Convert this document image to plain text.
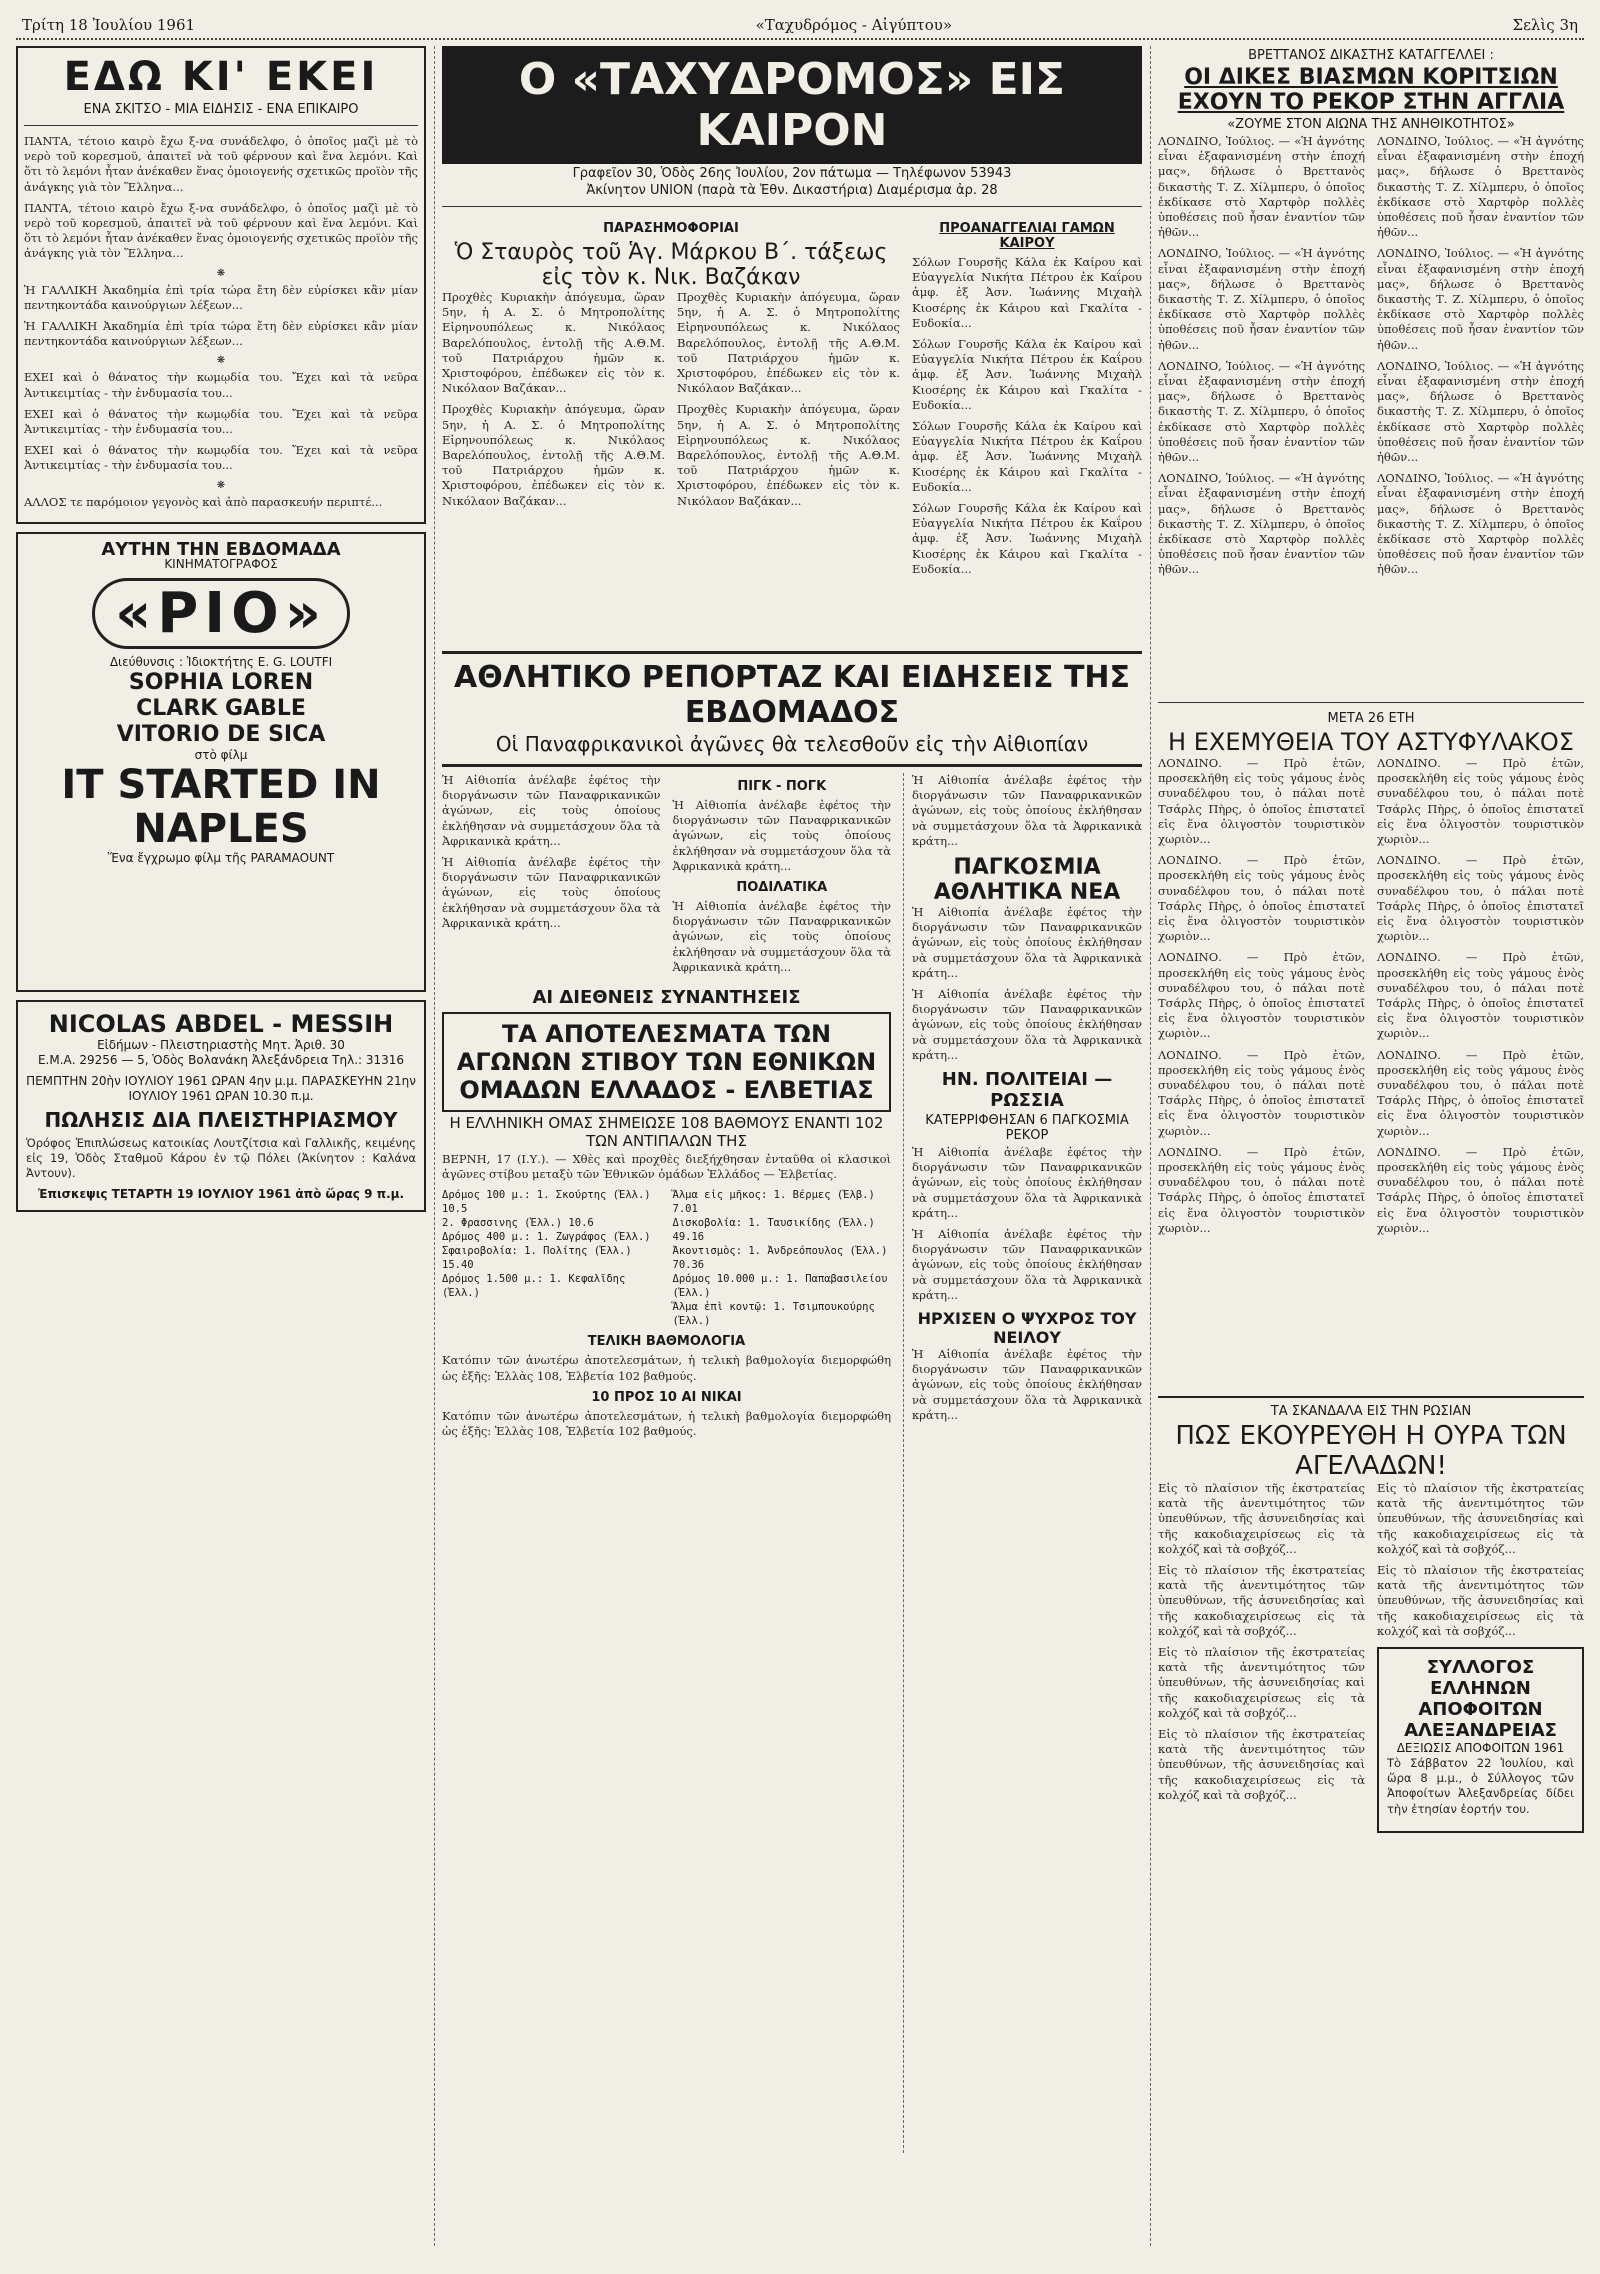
Τρίτη 18 Ἰουλίου 1961	«Ταχυδρόμος - Αἰγύπτου»	Σελὶς 3η
ΕΔΩ ΚΙ' ΕΚΕΙ
ΕΝΑ ΣΚΙΤΣΟ - ΜΙΑ ΕΙΔΗΣΙΣ - ΕΝΑ ΕΠΙΚΑΙΡΟ

ΠΑΝΤΑ, τέτοιο καιρὸ ἔχω ξ-να συνάδελφο, ὁ ὁποῖος μαζὶ μὲ τὸ νερὸ τοῦ κορεσμοῦ, ἀπαιτεῖ νὰ τοῦ φέρνουν καὶ ἕνα λεμόνι. Καὶ ὅτι τὸ λεμόνι ἦταν ἀνέκαθεν ἕνας ὁμοιογενής σχετικῶς προϊὸν τῆς ἀνάγκης γιὰ τὸν Ἕλληνα...

ΠΑΝΤΑ, τέτοιο καιρὸ ἔχω ξ-να συνάδελφο, ὁ ὁποῖος μαζὶ μὲ τὸ νερὸ τοῦ κορεσμοῦ, ἀπαιτεῖ νὰ τοῦ φέρνουν καὶ ἕνα λεμόνι. Καὶ ὅτι τὸ λεμόνι ἦταν ἀνέκαθεν ἕνας ὁμοιογενής σχετικῶς προϊὸν τῆς ἀνάγκης γιὰ τὸν Ἕλληνα...

❋

Ἡ ΓΑΛΛΙΚΗ Ἀκαδημία ἐπὶ τρία τώρα ἔτη δὲν εὐρίσκει κἂν μίαν πεντηκοντάδα καινούργιων λέξεων...

Ἡ ΓΑΛΛΙΚΗ Ἀκαδημία ἐπὶ τρία τώρα ἔτη δὲν εὐρίσκει κἂν μίαν πεντηκοντάδα καινούργιων λέξεων...

❋

ΕΧΕΙ καὶ ὁ θάνατος τὴν κωμῳδία του. Ἔχει καὶ τὰ νεῦρα Ἀντικειμτίας - τὴν ἐνδυμασία του...

ΕΧΕΙ καὶ ὁ θάνατος τὴν κωμῳδία του. Ἔχει καὶ τὰ νεῦρα Ἀντικειμτίας - τὴν ἐνδυμασία του...

ΕΧΕΙ καὶ ὁ θάνατος τὴν κωμῳδία του. Ἔχει καὶ τὰ νεῦρα Ἀντικειμτίας - τὴν ἐνδυμασία του...

❋

ΑΛΛΟΣ τε παρόμοιον γεγονὸς καὶ ἀπὸ παρασκευήν περιπτέ...

ΑΥΤΗΝ ΤΗΝ ΕΒΔΟΜΑΔΑ
ΚΙΝΗΜΑΤΟΓΡΑΦΟΣ
«ΡΙΟ»
Διεύθυνσις : Ἰδιοκτήτης E. G. LOUTFI
SOPHIA LOREN
CLARK GABLE
VITORIO DE SICA
στὸ φίλμ
IT STARTED IN NAPLES
Ἕνα ἔγχρωμο φίλμ τῆς PARAMAOUNT
NICOLAS ABDEL - MESSIH
Εἰδήμων - Πλειστηριαστὴς Μητ. Ἀριθ. 30
Ε.Μ.Α. 29256 — 5, Ὁδὸς Βολανάκη Ἀλεξάνδρεια Τηλ.: 31316
ΠΕΜΠΤΗΝ 20ὴν ΙΟΥΛΙΟΥ 1961 ΩΡΑΝ 4ην μ.μ. ΠΑΡΑΣΚΕΥΗΝ 21ην ΙΟΥΛΙΟΥ 1961 ΩΡΑΝ 10.30 π.μ.
ΠΩΛΗΣΙΣ ΔΙΑ ΠΛΕΙΣΤΗΡΙΑΣΜΟΥ

Ὁρόφος Ἐπιπλώσεως κατοικίας Λουτζίτσια καὶ Γαλλικῆς, κειμένης εἰς 19, Ὁδὸς Σταθμοῦ Κάρου ἐν τῷ Πόλει (Ἀκίνητον : Καλάνα Ἀντουν).

Ἐπισκεψις ΤΕΤΑΡΤΗ 19 ΙΟΥΛΙΟΥ 1961 ἀπὸ ὥρας 9 π.μ.
Ο «ΤΑΧΥΔΡΟΜΟΣ» ΕΙΣ ΚΑΙΡΟΝ
Γραφεῖον 30, Ὁδὸς 26ης Ἰουλίου, 2ον πάτωμα — Τηλέφωνον 53943
Ἀκίνητον UNION (παρὰ τὰ Ἐθν. Δικαστήρια) Διαμέρισμα ἀρ. 28
ΠΑΡΑΣΗΜΟΦΟΡΙΑΙ
Ὁ Σταυρὸς τοῦ Ἁγ. Μάρκου Β΄. τάξεως εἰς τὸν κ. Νικ. Βαζάκαν

Προχθὲς Κυριακὴν ἀπόγευμα, ὥραν 5ην, ἡ Α. Σ. ὁ Μητροπολίτης Εἰρηνουπόλεως κ. Νικόλαος Βαρελόπουλος, ἐντολῇ τῆς Α.Θ.Μ. τοῦ Πατριάρχου ἡμῶν κ. Χριστοφόρου, ἐπέδωκεν εἰς τὸν κ. Νικόλαον Βαζάκαν...

Προχθὲς Κυριακὴν ἀπόγευμα, ὥραν 5ην, ἡ Α. Σ. ὁ Μητροπολίτης Εἰρηνουπόλεως κ. Νικόλαος Βαρελόπουλος, ἐντολῇ τῆς Α.Θ.Μ. τοῦ Πατριάρχου ἡμῶν κ. Χριστοφόρου, ἐπέδωκεν εἰς τὸν κ. Νικόλαον Βαζάκαν...

Προχθὲς Κυριακὴν ἀπόγευμα, ὥραν 5ην, ἡ Α. Σ. ὁ Μητροπολίτης Εἰρηνουπόλεως κ. Νικόλαος Βαρελόπουλος, ἐντολῇ τῆς Α.Θ.Μ. τοῦ Πατριάρχου ἡμῶν κ. Χριστοφόρου, ἐπέδωκεν εἰς τὸν κ. Νικόλαον Βαζάκαν...

Προχθὲς Κυριακὴν ἀπόγευμα, ὥραν 5ην, ἡ Α. Σ. ὁ Μητροπολίτης Εἰρηνουπόλεως κ. Νικόλαος Βαρελόπουλος, ἐντολῇ τῆς Α.Θ.Μ. τοῦ Πατριάρχου ἡμῶν κ. Χριστοφόρου, ἐπέδωκεν εἰς τὸν κ. Νικόλαον Βαζάκαν...

ΠΡΟΑΝΑΓΓΕΛΙΑΙ ΓΑΜΩΝ ΚΑΙΡΟΥ

Σόλων Γουρσῆς Κάλα ἐκ Καίρου καὶ Εὐαγγελία Νικήτα Πέτρου ἐκ Καΐρου ἀμφ. ἐξ Ἀσν. Ἰωάννης Μιχαὴλ Κιοσέρης ἐκ Κάιρου καὶ Γκαλίτα - Ευδοκία...

Σόλων Γουρσῆς Κάλα ἐκ Καίρου καὶ Εὐαγγελία Νικήτα Πέτρου ἐκ Καΐρου ἀμφ. ἐξ Ἀσν. Ἰωάννης Μιχαὴλ Κιοσέρης ἐκ Κάιρου καὶ Γκαλίτα - Ευδοκία...

Σόλων Γουρσῆς Κάλα ἐκ Καίρου καὶ Εὐαγγελία Νικήτα Πέτρου ἐκ Καΐρου ἀμφ. ἐξ Ἀσν. Ἰωάννης Μιχαὴλ Κιοσέρης ἐκ Κάιρου καὶ Γκαλίτα - Ευδοκία...

Σόλων Γουρσῆς Κάλα ἐκ Καίρου καὶ Εὐαγγελία Νικήτα Πέτρου ἐκ Καΐρου ἀμφ. ἐξ Ἀσν. Ἰωάννης Μιχαὴλ Κιοσέρης ἐκ Κάιρου καὶ Γκαλίτα - Ευδοκία...

ΑΘΛΗΤΙΚΟ ΡΕΠΟΡΤΑΖ ΚΑΙ ΕΙΔΗΣΕΙΣ ΤΗΣ ΕΒΔΟΜΑΔΟΣ
Οἱ Παναφρικανικοὶ ἀγῶνες θὰ τελεσθοῦν εἰς τὴν Αἰθιοπίαν

Ἡ Αἰθιοπία ἀνέλαβε ἐφέτος τὴν διοργάνωσιν τῶν Παναφρικανικῶν ἀγώνων, εἰς τοὺς ὁποίους ἐκλήθησαν νὰ συμμετάσχουν ὅλα τὰ Ἀφρικανικὰ κράτη...

Ἡ Αἰθιοπία ἀνέλαβε ἐφέτος τὴν διοργάνωσιν τῶν Παναφρικανικῶν ἀγώνων, εἰς τοὺς ὁποίους ἐκλήθησαν νὰ συμμετάσχουν ὅλα τὰ Ἀφρικανικὰ κράτη...

ΠΙΓΚ - ΠΟΓΚ

Ἡ Αἰθιοπία ἀνέλαβε ἐφέτος τὴν διοργάνωσιν τῶν Παναφρικανικῶν ἀγώνων, εἰς τοὺς ὁποίους ἐκλήθησαν νὰ συμμετάσχουν ὅλα τὰ Ἀφρικανικὰ κράτη...

ΠΟΔΙΛΑΤΙΚΑ

Ἡ Αἰθιοπία ἀνέλαβε ἐφέτος τὴν διοργάνωσιν τῶν Παναφρικανικῶν ἀγώνων, εἰς τοὺς ὁποίους ἐκλήθησαν νὰ συμμετάσχουν ὅλα τὰ Ἀφρικανικὰ κράτη...

ΑΙ ΔΙΕΘΝΕΙΣ ΣΥΝΑΝΤΗΣΕΙΣ
ΤΑ ΑΠΟΤΕΛΕΣΜΑΤΑ ΤΩΝ ΑΓΩΝΩΝ ΣΤΙΒΟΥ ΤΩΝ ΕΘΝΙΚΩΝ ΟΜΑΔΩΝ ΕΛΛΑΔΟΣ - ΕΛΒΕΤΙΑΣ
Η ΕΛΛΗΝΙΚΗ ΟΜΑΣ ΣΗΜΕΙΩΣΕ 108 ΒΑΘΜΟΥΣ ΕΝΑΝΤΙ 102 ΤΩΝ ΑΝΤΙΠΑΛΩΝ ΤΗΣ

ΒΕΡΝΗ, 17 (Ι.Υ.). — Χθὲς καὶ προχθὲς διεξήχθησαν ἐνταῦθα οἱ κλασικοὶ ἀγῶνες στίβου μεταξὺ τῶν Ἐθνικῶν ὁμάδων Ἑλλάδος — Ἑλβετίας.

Δρόμος 100 μ.: 1. Σκούρτης (Ἑλλ.) 10.5
2. Φρασσινης (Ἑλλ.) 10.6
Δρόμος 400 μ.: 1. Ζωγράφος (Ἑλλ.)
Σφαιροβολία: 1. Πολίτης (Ἑλλ.) 15.40
Δρόμος 1.500 μ.: 1. Κεφαλῖδης (Ἑλλ.)
Ἅλμα εἰς μῆκος: 1. Βέρμες (Ἑλβ.) 7.01
Δισκοβολία: 1. Ταυσικίδης (Ἑλλ.) 49.16
Ἀκοντισμὸς: 1. Ἀνδρεόπουλος (Ἑλλ.) 70.36
Δρόμος 10.000 μ.: 1. Παπαβασιλείου (Ἑλλ.)
Ἅλμα ἐπὶ κοντῷ: 1. Τσιμπουκούρης (Ἑλλ.)
ΤΕΛΙΚΗ ΒΑΘΜΟΛΟΓΙΑ

Κατόπιν τῶν ἀνωτέρω ἀποτελεσμάτων, ἡ τελικὴ βαθμολογία διεμορφώθη ὡς ἑξῆς: Ἑλλὰς 108, Ἑλβετία 102 βαθμούς.

10 ΠΡΟΣ 10 ΑΙ ΝΙΚΑΙ

Κατόπιν τῶν ἀνωτέρω ἀποτελεσμάτων, ἡ τελικὴ βαθμολογία διεμορφώθη ὡς ἑξῆς: Ἑλλὰς 108, Ἑλβετία 102 βαθμούς.

Ἡ Αἰθιοπία ἀνέλαβε ἐφέτος τὴν διοργάνωσιν τῶν Παναφρικανικῶν ἀγώνων, εἰς τοὺς ὁποίους ἐκλήθησαν νὰ συμμετάσχουν ὅλα τὰ Ἀφρικανικὰ κράτη...

ΠΑΓΚΟΣΜΙΑ ΑΘΛΗΤΙΚΑ ΝΕΑ

Ἡ Αἰθιοπία ἀνέλαβε ἐφέτος τὴν διοργάνωσιν τῶν Παναφρικανικῶν ἀγώνων, εἰς τοὺς ὁποίους ἐκλήθησαν νὰ συμμετάσχουν ὅλα τὰ Ἀφρικανικὰ κράτη...

Ἡ Αἰθιοπία ἀνέλαβε ἐφέτος τὴν διοργάνωσιν τῶν Παναφρικανικῶν ἀγώνων, εἰς τοὺς ὁποίους ἐκλήθησαν νὰ συμμετάσχουν ὅλα τὰ Ἀφρικανικὰ κράτη...

ΗΝ. ΠΟΛΙΤΕΙΑΙ — ΡΩΣΣΙΑ
ΚΑΤΕΡΡΙΦΘΗΣΑΝ 6 ΠΑΓΚΟΣΜΙΑ ΡΕΚΟΡ

Ἡ Αἰθιοπία ἀνέλαβε ἐφέτος τὴν διοργάνωσιν τῶν Παναφρικανικῶν ἀγώνων, εἰς τοὺς ὁποίους ἐκλήθησαν νὰ συμμετάσχουν ὅλα τὰ Ἀφρικανικὰ κράτη...

Ἡ Αἰθιοπία ἀνέλαβε ἐφέτος τὴν διοργάνωσιν τῶν Παναφρικανικῶν ἀγώνων, εἰς τοὺς ὁποίους ἐκλήθησαν νὰ συμμετάσχουν ὅλα τὰ Ἀφρικανικὰ κράτη...

ΗΡΧΙΣΕΝ Ο ΨΥΧΡΟΣ ΤΟΥ ΝΕΙΛΟΥ

Ἡ Αἰθιοπία ἀνέλαβε ἐφέτος τὴν διοργάνωσιν τῶν Παναφρικανικῶν ἀγώνων, εἰς τοὺς ὁποίους ἐκλήθησαν νὰ συμμετάσχουν ὅλα τὰ Ἀφρικανικὰ κράτη...

ΒΡΕΤΤΑΝΟΣ ΔΙΚΑΣΤΗΣ ΚΑΤΑΓΓΕΛΛΕΙ :
ΟΙ ΔΙΚΕΣ ΒΙΑΣΜΩΝ ΚΟΡΙΤΣΙΩΝ ΕΧΟΥΝ ΤΟ ΡΕΚΟΡ ΣΤΗΝ ΑΓΓΛΙΑ
«ΖΟΥΜΕ ΣΤΟΝ ΑΙΩΝΑ ΤΗΣ ΑΝΗΘΙΚΟΤΗΤΟΣ»

ΛΟΝΔΙΝΟ, Ἰούλιος. — «Ἡ ἀγνότης εἶναι ἐξαφανισμένη στὴν ἐποχή μας», δήλωσε ὁ Βρεττανὸς δικαστὴς Τ. Ζ. Χίλμπερυ, ὁ ὁποῖος ἐκδίκασε στὸ Χαρτφὸρ πολλὲς ὑποθέσεις ποῦ ἦσαν ἐναντίον τῶν ἠθῶν...

ΛΟΝΔΙΝΟ, Ἰούλιος. — «Ἡ ἀγνότης εἶναι ἐξαφανισμένη στὴν ἐποχή μας», δήλωσε ὁ Βρεττανὸς δικαστὴς Τ. Ζ. Χίλμπερυ, ὁ ὁποῖος ἐκδίκασε στὸ Χαρτφὸρ πολλὲς ὑποθέσεις ποῦ ἦσαν ἐναντίον τῶν ἠθῶν...

ΛΟΝΔΙΝΟ, Ἰούλιος. — «Ἡ ἀγνότης εἶναι ἐξαφανισμένη στὴν ἐποχή μας», δήλωσε ὁ Βρεττανὸς δικαστὴς Τ. Ζ. Χίλμπερυ, ὁ ὁποῖος ἐκδίκασε στὸ Χαρτφὸρ πολλὲς ὑποθέσεις ποῦ ἦσαν ἐναντίον τῶν ἠθῶν...

ΛΟΝΔΙΝΟ, Ἰούλιος. — «Ἡ ἀγνότης εἶναι ἐξαφανισμένη στὴν ἐποχή μας», δήλωσε ὁ Βρεττανὸς δικαστὴς Τ. Ζ. Χίλμπερυ, ὁ ὁποῖος ἐκδίκασε στὸ Χαρτφὸρ πολλὲς ὑποθέσεις ποῦ ἦσαν ἐναντίον τῶν ἠθῶν...

ΛΟΝΔΙΝΟ, Ἰούλιος. — «Ἡ ἀγνότης εἶναι ἐξαφανισμένη στὴν ἐποχή μας», δήλωσε ὁ Βρεττανὸς δικαστὴς Τ. Ζ. Χίλμπερυ, ὁ ὁποῖος ἐκδίκασε στὸ Χαρτφὸρ πολλὲς ὑποθέσεις ποῦ ἦσαν ἐναντίον τῶν ἠθῶν...

ΛΟΝΔΙΝΟ, Ἰούλιος. — «Ἡ ἀγνότης εἶναι ἐξαφανισμένη στὴν ἐποχή μας», δήλωσε ὁ Βρεττανὸς δικαστὴς Τ. Ζ. Χίλμπερυ, ὁ ὁποῖος ἐκδίκασε στὸ Χαρτφὸρ πολλὲς ὑποθέσεις ποῦ ἦσαν ἐναντίον τῶν ἠθῶν...

ΛΟΝΔΙΝΟ, Ἰούλιος. — «Ἡ ἀγνότης εἶναι ἐξαφανισμένη στὴν ἐποχή μας», δήλωσε ὁ Βρεττανὸς δικαστὴς Τ. Ζ. Χίλμπερυ, ὁ ὁποῖος ἐκδίκασε στὸ Χαρτφὸρ πολλὲς ὑποθέσεις ποῦ ἦσαν ἐναντίον τῶν ἠθῶν...

ΛΟΝΔΙΝΟ, Ἰούλιος. — «Ἡ ἀγνότης εἶναι ἐξαφανισμένη στὴν ἐποχή μας», δήλωσε ὁ Βρεττανὸς δικαστὴς Τ. Ζ. Χίλμπερυ, ὁ ὁποῖος ἐκδίκασε στὸ Χαρτφὸρ πολλὲς ὑποθέσεις ποῦ ἦσαν ἐναντίον τῶν ἠθῶν...

ΜΕΤΑ 26 ΕΤΗ
Η ΕΧΕΜΥΘΕΙΑ ΤΟΥ ΑΣΤΥΦΥΛΑΚΟΣ

ΛΟΝΔΙΝΟ. — Πρὸ ἐτῶν, προσεκλήθη εἰς τοὺς γάμους ἑνὸς συναδέλφου του, ὁ πάλαι ποτὲ Τσάρλς Πὴρς, ὁ ὁποῖος ἐπιστατεῖ εἰς ἕνα ὀλιγοστὸν τουριστικὸν χωριὸν...

ΛΟΝΔΙΝΟ. — Πρὸ ἐτῶν, προσεκλήθη εἰς τοὺς γάμους ἑνὸς συναδέλφου του, ὁ πάλαι ποτὲ Τσάρλς Πὴρς, ὁ ὁποῖος ἐπιστατεῖ εἰς ἕνα ὀλιγοστὸν τουριστικὸν χωριὸν...

ΛΟΝΔΙΝΟ. — Πρὸ ἐτῶν, προσεκλήθη εἰς τοὺς γάμους ἑνὸς συναδέλφου του, ὁ πάλαι ποτὲ Τσάρλς Πὴρς, ὁ ὁποῖος ἐπιστατεῖ εἰς ἕνα ὀλιγοστὸν τουριστικὸν χωριὸν...

ΛΟΝΔΙΝΟ. — Πρὸ ἐτῶν, προσεκλήθη εἰς τοὺς γάμους ἑνὸς συναδέλφου του, ὁ πάλαι ποτὲ Τσάρλς Πὴρς, ὁ ὁποῖος ἐπιστατεῖ εἰς ἕνα ὀλιγοστὸν τουριστικὸν χωριὸν...

ΛΟΝΔΙΝΟ. — Πρὸ ἐτῶν, προσεκλήθη εἰς τοὺς γάμους ἑνὸς συναδέλφου του, ὁ πάλαι ποτὲ Τσάρλς Πὴρς, ὁ ὁποῖος ἐπιστατεῖ εἰς ἕνα ὀλιγοστὸν τουριστικὸν χωριὸν...

ΛΟΝΔΙΝΟ. — Πρὸ ἐτῶν, προσεκλήθη εἰς τοὺς γάμους ἑνὸς συναδέλφου του, ὁ πάλαι ποτὲ Τσάρλς Πὴρς, ὁ ὁποῖος ἐπιστατεῖ εἰς ἕνα ὀλιγοστὸν τουριστικὸν χωριὸν...

ΛΟΝΔΙΝΟ. — Πρὸ ἐτῶν, προσεκλήθη εἰς τοὺς γάμους ἑνὸς συναδέλφου του, ὁ πάλαι ποτὲ Τσάρλς Πὴρς, ὁ ὁποῖος ἐπιστατεῖ εἰς ἕνα ὀλιγοστὸν τουριστικὸν χωριὸν...

ΛΟΝΔΙΝΟ. — Πρὸ ἐτῶν, προσεκλήθη εἰς τοὺς γάμους ἑνὸς συναδέλφου του, ὁ πάλαι ποτὲ Τσάρλς Πὴρς, ὁ ὁποῖος ἐπιστατεῖ εἰς ἕνα ὀλιγοστὸν τουριστικὸν χωριὸν...

ΛΟΝΔΙΝΟ. — Πρὸ ἐτῶν, προσεκλήθη εἰς τοὺς γάμους ἑνὸς συναδέλφου του, ὁ πάλαι ποτὲ Τσάρλς Πὴρς, ὁ ὁποῖος ἐπιστατεῖ εἰς ἕνα ὀλιγοστὸν τουριστικὸν χωριὸν...

ΛΟΝΔΙΝΟ. — Πρὸ ἐτῶν, προσεκλήθη εἰς τοὺς γάμους ἑνὸς συναδέλφου του, ὁ πάλαι ποτὲ Τσάρλς Πὴρς, ὁ ὁποῖος ἐπιστατεῖ εἰς ἕνα ὀλιγοστὸν τουριστικὸν χωριὸν...

ΤΑ ΣΚΑΝΔΑΛΑ ΕΙΣ ΤΗΝ ΡΩΣΙΑΝ
ΠΩΣ ΕΚΟΥΡΕΥΘΗ Η ΟΥΡΑ ΤΩΝ ΑΓΕΛΑΔΩΝ!

Εἰς τὸ πλαίσιον τῆς ἐκστρατείας κατὰ τῆς ἀνεντιμότητος τῶν ὑπευθύνων, τῆς ἀσυνειδησίας καὶ τῆς κακοδιαχειρίσεως εἰς τὰ κολχόζ καὶ τὰ σοβχόζ...

Εἰς τὸ πλαίσιον τῆς ἐκστρατείας κατὰ τῆς ἀνεντιμότητος τῶν ὑπευθύνων, τῆς ἀσυνειδησίας καὶ τῆς κακοδιαχειρίσεως εἰς τὰ κολχόζ καὶ τὰ σοβχόζ...

Εἰς τὸ πλαίσιον τῆς ἐκστρατείας κατὰ τῆς ἀνεντιμότητος τῶν ὑπευθύνων, τῆς ἀσυνειδησίας καὶ τῆς κακοδιαχειρίσεως εἰς τὰ κολχόζ καὶ τὰ σοβχόζ...

Εἰς τὸ πλαίσιον τῆς ἐκστρατείας κατὰ τῆς ἀνεντιμότητος τῶν ὑπευθύνων, τῆς ἀσυνειδησίας καὶ τῆς κακοδιαχειρίσεως εἰς τὰ κολχόζ καὶ τὰ σοβχόζ...

Εἰς τὸ πλαίσιον τῆς ἐκστρατείας κατὰ τῆς ἀνεντιμότητος τῶν ὑπευθύνων, τῆς ἀσυνειδησίας καὶ τῆς κακοδιαχειρίσεως εἰς τὰ κολχόζ καὶ τὰ σοβχόζ...

Εἰς τὸ πλαίσιον τῆς ἐκστρατείας κατὰ τῆς ἀνεντιμότητος τῶν ὑπευθύνων, τῆς ἀσυνειδησίας καὶ τῆς κακοδιαχειρίσεως εἰς τὰ κολχόζ καὶ τὰ σοβχόζ...

ΣΥΛΛΟΓΟΣ ΕΛΛΗΝΩΝ ΑΠΟΦΟΙΤΩΝ ΑΛΕΞΑΝΔΡΕΙΑΣ
ΔΕΞΙΩΣΙΣ ΑΠΟΦΟΙΤΩΝ 1961

Τὸ Σάββατον 22 Ἰουλίου, καὶ ὥρα 8 μ.μ., ὁ Σύλλογος τῶν Ἀποφοίτων Ἀλεξανδρείας δίδει τὴν ἐτησίαν ἑορτήν του.
